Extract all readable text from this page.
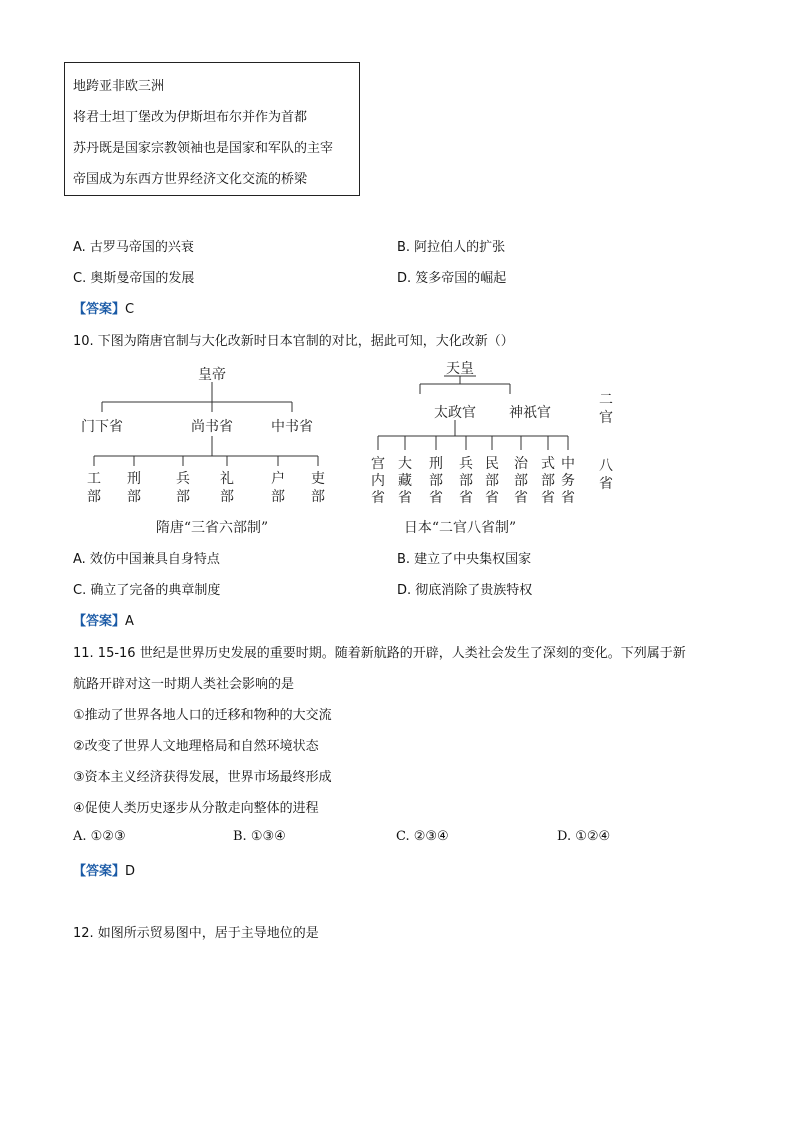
地跨亚非欧三洲
将君士坦丁堡改为伊斯坦布尔并作为首都
苏丹既是国家宗教领袖也是国家和军队的主宰
帝国成为东西方世界经济文化交流的桥梁
A. 古罗马帝国的兴衰	B. 阿拉伯人的扩张
C. 奥斯曼帝国的发展	D. 笈多帝国的崛起
【答案】C
10. 下图为隋唐官制与大化改新时日本官制的对比，据此可知，大化改新（）
皇帝
门下省	尚书省	中书省
工部
刑部
兵部
礼部
户部
吏部
隋唐“三省六部制”
天皇
太政官 神祇官
宫内省
大藏省
刑部省
兵部省
民部省
治部省
式部省
中务省
日本“二官八省制”
二官
八省
A. 效仿中国兼具自身特点	B. 建立了中央集权国家
C. 确立了完备的典章制度	D. 彻底消除了贵族特权
【答案】A
11. 15-16 世纪是世界历史发展的重要时期。随着新航路的开辟，人类社会发生了深刻的变化。下列属于新
航路开辟对这一时期人类社会影响的是
①推动了世界各地人口的迁移和物种的大交流
②改变了世界人文地理格局和自然环境状态
③资本主义经济获得发展，世界市场最终形成
④促使人类历史逐步从分散走向整体的进程
A. ①②③	B. ①③④	C. ②③④	D. ①②④
【答案】D
12. 如图所示贸易图中，居于主导地位的是
